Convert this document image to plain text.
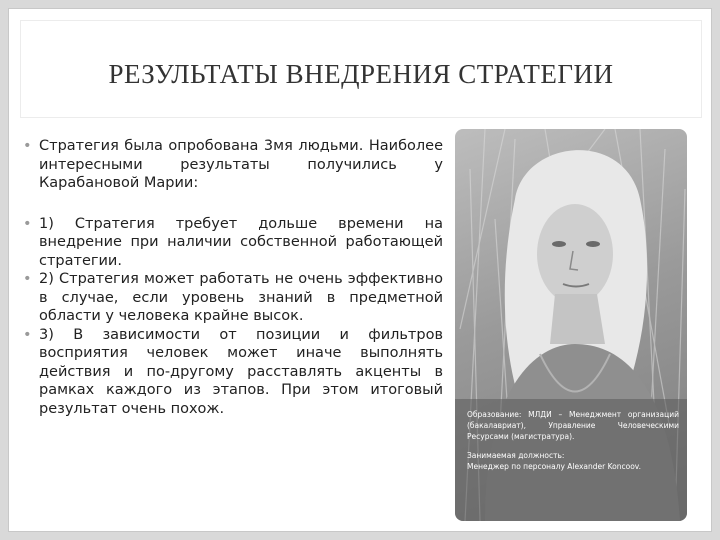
РЕЗУЛЬТАТЫ ВНЕДРЕНИЯ СТРАТЕГИИ
• Стратегия была опробована 3мя людьми. Наиболее интересными результаты получились у Карабановой Марии:
• 1) Стратегия требует дольше времени на внедрение при наличии собственной работающей стратегии.
• 2) Стратегия может работать не очень эффективно в случае, если уровень знаний в предметной области у человека крайне высок.
• 3) В зависимости от позиции и фильтров восприятия человек может иначе выполнять действия и по-другому расставлять акценты в рамках каждого из этапов. При этом итоговый результат очень похож.	Образование: МЛДИ – Менеджмент организаций (бакалавриат), Управление Человеческими Ресурсами (магистратура).

Занимаемая должность:

Менеджер по персоналу Alexander Koncoov.
